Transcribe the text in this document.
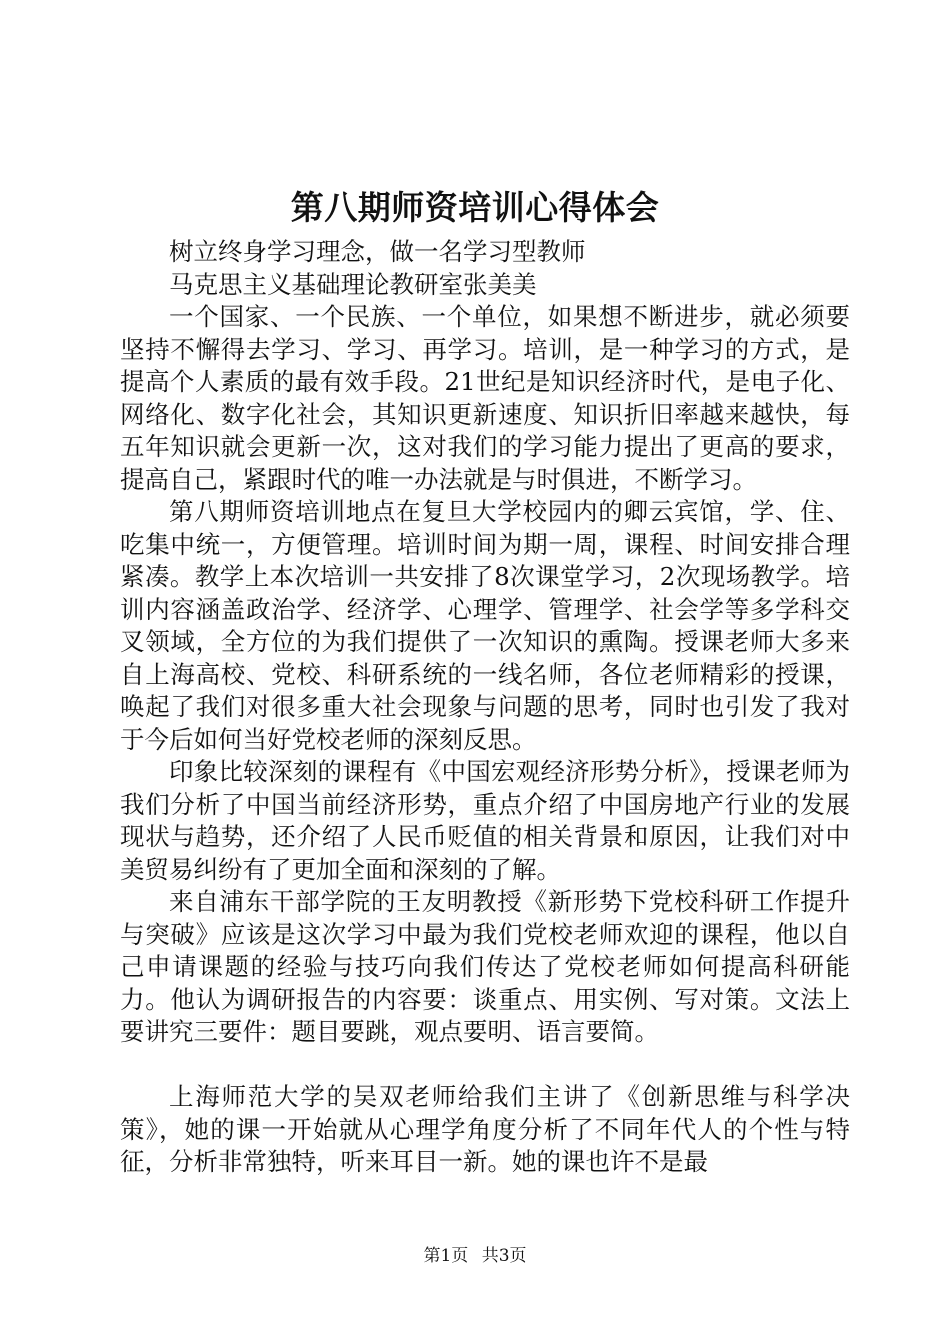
第八期师资培训心得体会

树立终身学习理念，做一名学习型教师

马克思主义基础理论教研室张美美

一个国家、一个民族、一个单位，如果想不断进步，就必须要坚持不懈得去学习、学习、再学习。培训，是一种学习的方式，是提高个人素质的最有效手段。21世纪是知识经济时代，是电子化、网络化、数字化社会，其知识更新速度、知识折旧率越来越快，每五年知识就会更新一次，这对我们的学习能力提出了更高的要求，提高自己，紧跟时代的唯一办法就是与时俱进，不断学习。

第八期师资培训地点在复旦大学校园内的卿云宾馆，学、住、吃集中统一，方便管理。培训时间为期一周，课程、时间安排合理紧凑。教学上本次培训一共安排了8次课堂学习，2次现场教学。培训内容涵盖政治学、经济学、心理学、管理学、社会学等多学科交叉领域，全方位的为我们提供了一次知识的熏陶。授课老师大多来自上海高校、党校、科研系统的一线名师，各位老师精彩的授课，唤起了我们对很多重大社会现象与问题的思考，同时也引发了我对于今后如何当好党校老师的深刻反思。

印象比较深刻的课程有《中国宏观经济形势分析》，授课老师为我们分析了中国当前经济形势，重点介绍了中国房地产行业的发展现状与趋势，还介绍了人民币贬值的相关背景和原因，让我们对中美贸易纠纷有了更加全面和深刻的了解。

来自浦东干部学院的王友明教授《新形势下党校科研工作提升与突破》应该是这次学习中最为我们党校老师欢迎的课程，他以自己申请课题的经验与技巧向我们传达了党校老师如何提高科研能力。他认为调研报告的内容要：谈重点、用实例、写对策。文法上要讲究三要件：题目要跳，观点要明、语言要简。

上海师范大学的吴双老师给我们主讲了《创新思维与科学决策》，她的课一开始就从心理学角度分析了不同年代人的个性与特征，分析非常独特，听来耳目一新。她的课也许不是最

第1页 共3页
